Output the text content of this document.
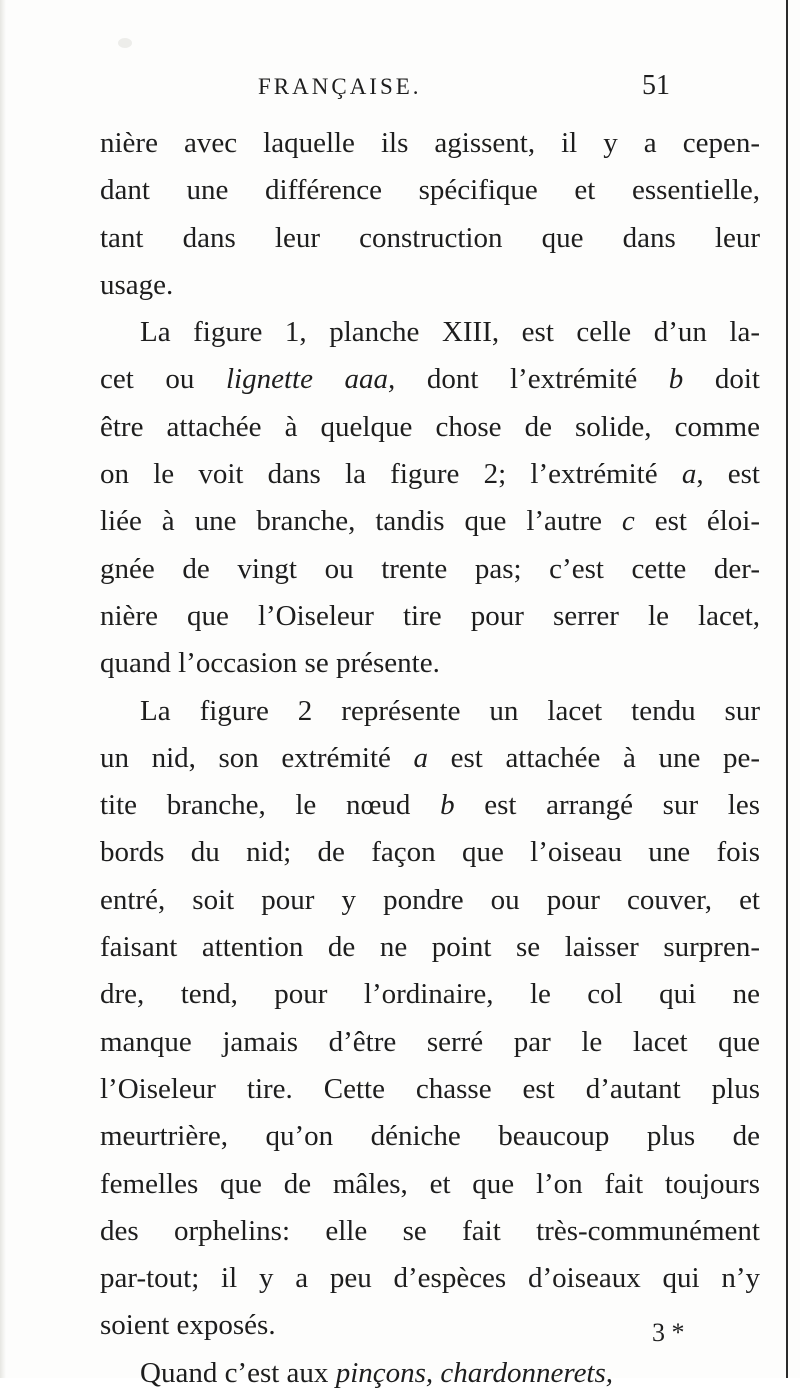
FRANÇAISE.	51
nière avec laquelle ils agissent, il y a cepen-
dant une différence spécifique et essentielle,
tant dans leur construction que dans leur
usage.
La figure 1, planche XIII, est celle d’un la-
cet ou lignette aaa, dont l’extrémité b doit
être attachée à quelque chose de solide, comme
on le voit dans la figure 2; l’extrémité a, est
liée à une branche, tandis que l’autre c est éloi-
gnée de vingt ou trente pas; c’est cette der-
nière que l’Oiseleur tire pour serrer le lacet,
quand l’occasion se présente.
La figure 2 représente un lacet tendu sur
un nid, son extrémité a est attachée à une pe-
tite branche, le nœud b est arrangé sur les
bords du nid; de façon que l’oiseau une fois
entré, soit pour y pondre ou pour couver, et
faisant attention de ne point se laisser surpren-
dre, tend, pour l’ordinaire, le col qui ne
manque jamais d’être serré par le lacet que
l’Oiseleur tire. Cette chasse est d’autant plus
meurtrière, qu’on déniche beaucoup plus de
femelles que de mâles, et que l’on fait toujours
des orphelins: elle se fait très-communément
par-tout; il y a peu d’espèces d’oiseaux qui n’y
soient exposés.
Quand c’est aux pinçons, chardonnerets,
3 *
